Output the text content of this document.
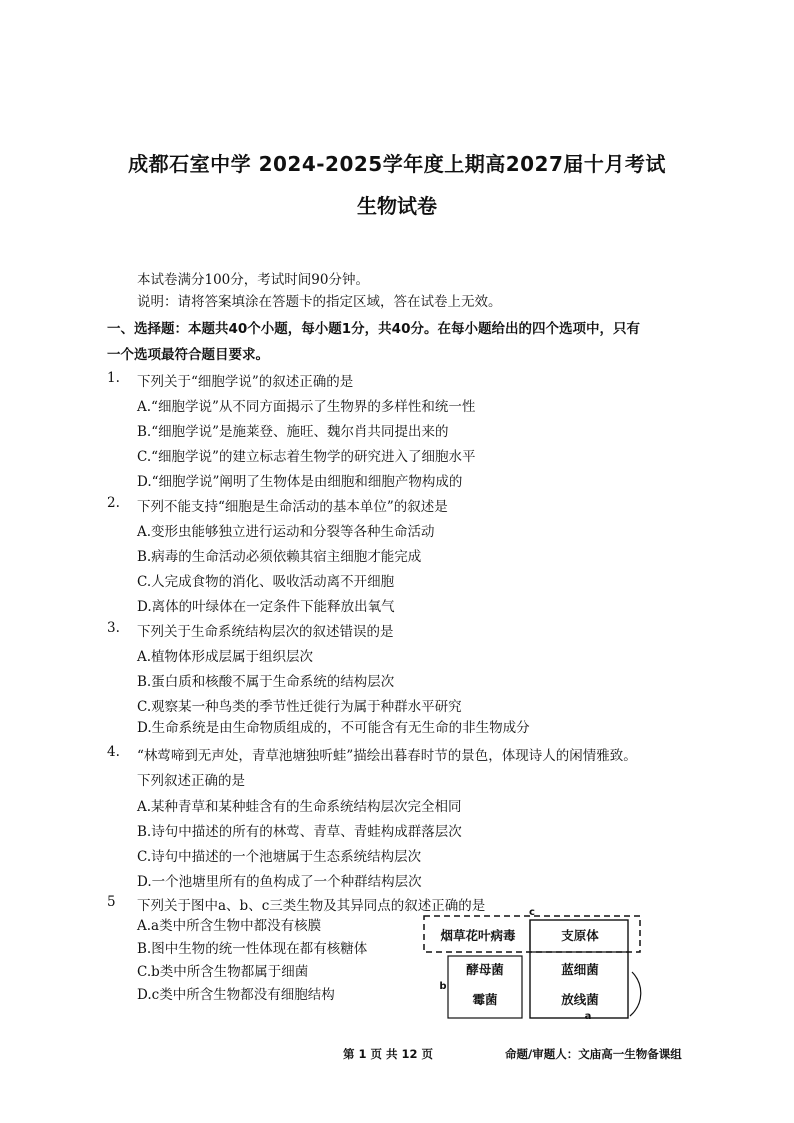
成都石室中学 2024-2025学年度上期高2027届十月考试
生物试卷
本试卷满分100分，考试时间90分钟。
说明：请将答案填涂在答题卡的指定区域，答在试卷上无效。
一、选择题：本题共40个小题，每小题1分，共40分。在每小题给出的四个选项中，只有
一个选项最符合题目要求。
1. 下列关于“细胞学说”的叙述正确的是
A.“细胞学说”从不同方面揭示了生物界的多样性和统一性
B.“细胞学说”是施莱登、施旺、魏尔肖共同提出来的
C.“细胞学说”的建立标志着生物学的研究进入了细胞水平
D.“细胞学说”阐明了生物体是由细胞和细胞产物构成的
2. 下列不能支持“细胞是生命活动的基本单位”的叙述是
A.变形虫能够独立进行运动和分裂等各种生命活动
B.病毒的生命活动必须依赖其宿主细胞才能完成
C.人完成食物的消化、吸收活动离不开细胞
D.离体的叶绿体在一定条件下能释放出氧气
3. 下列关于生命系统结构层次的叙述错误的是
A.植物体形成层属于组织层次
B.蛋白质和核酸不属于生命系统的结构层次
C.观察某一种鸟类的季节性迁徙行为属于种群水平研究
D.生命系统是由生命物质组成的，不可能含有无生命的非生物成分
4. “林莺啼到无声处，青草池塘独听蛙”描绘出暮春时节的景色，体现诗人的闲情雅致。
下列叙述正确的是
A.某种青草和某种蛙含有的生命系统结构层次完全相同
B.诗句中描述的所有的林莺、青草、青蛙构成群落层次
C.诗句中描述的一个池塘属于生态系统结构层次
D.一个池塘里所有的鱼构成了一个种群结构层次
5 下列关于图中a、b、c三类生物及其异同点的叙述正确的是
A.a类中所含生物中都没有核膜
B.图中生物的统一性体现在都有核糖体
C.b类中所含生物都属于细菌
D.c类中所含生物都没有细胞结构
c
b
a
烟草花叶病毒	支原体
酵母菌	蓝细菌
霉菌	放线菌
第 1 页 共 12 页	命题/审题人：文庙高一生物备课组
